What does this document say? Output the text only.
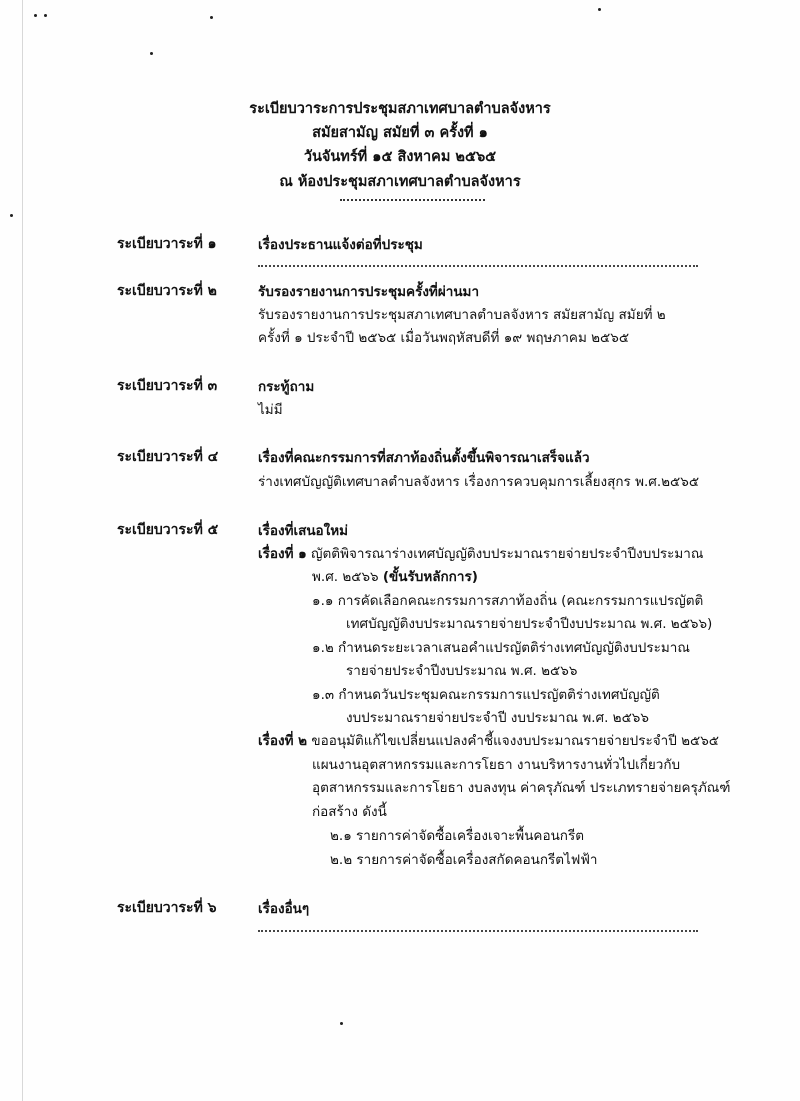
ระเบียบวาระการประชุมสภาเทศบาลตำบลจังหาร
สมัยสามัญ สมัยที่ ๓ ครั้งที่ ๑
วันจันทร์ที่ ๑๕ สิงหาคม ๒๕๖๕
ณ ห้องประชุมสภาเทศบาลตำบลจังหาร
ระเบียบวาระที่ ๑	เรื่องประธานแจ้งต่อที่ประชุม
ระเบียบวาระที่ ๒	รับรองรายงานการประชุมครั้งที่ผ่านมา
รับรองรายงานการประชุมสภาเทศบาลตำบลจังหาร สมัยสามัญ สมัยที่ ๒
ครั้งที่ ๑ ประจำปี ๒๕๖๕ เมื่อวันพฤหัสบดีที่ ๑๙ พฤษภาคม ๒๕๖๕
ระเบียบวาระที่ ๓	กระทู้ถาม
ไม่มี
ระเบียบวาระที่ ๔	เรื่องที่คณะกรรมการที่สภาท้องถิ่นตั้งขึ้นพิจารณาเสร็จแล้ว
ร่างเทศบัญญัติเทศบาลตำบลจังหาร เรื่องการควบคุมการเลี้ยงสุกร พ.ศ.๒๕๖๕
ระเบียบวาระที่ ๕	เรื่องที่เสนอใหม่
เรื่องที่ ๑ ญัตติพิจารณาร่างเทศบัญญัติงบประมาณรายจ่ายประจำปีงบประมาณ
พ.ศ. ๒๕๖๖ (ขั้นรับหลักการ)
๑.๑ การคัดเลือกคณะกรรมการสภาท้องถิ่น (คณะกรรมการแปรญัตติ
เทศบัญญัติงบประมาณรายจ่ายประจำปีงบประมาณ พ.ศ. ๒๕๖๖)
๑.๒ กำหนดระยะเวลาเสนอคำแปรญัตติร่างเทศบัญญัติงบประมาณ
รายจ่ายประจำปีงบประมาณ พ.ศ. ๒๕๖๖
๑.๓ กำหนดวันประชุมคณะกรรมการแปรญัตติร่างเทศบัญญัติ
งบประมาณรายจ่ายประจำปี งบประมาณ พ.ศ. ๒๕๖๖
เรื่องที่ ๒ ขออนุมัติแก้ไขเปลี่ยนแปลงคำชี้แจงงบประมาณรายจ่ายประจำปี ๒๕๖๕
แผนงานอุตสาหกรรมและการโยธา งานบริหารงานทั่วไปเกี่ยวกับ
อุตสาหกรรมและการโยธา งบลงทุน ค่าครุภัณฑ์ ประเภทรายจ่ายครุภัณฑ์
ก่อสร้าง ดังนี้
๒.๑ รายการค่าจัดซื้อเครื่องเจาะพื้นคอนกรีต
๒.๒ รายการค่าจัดซื้อเครื่องสกัดคอนกรีตไฟฟ้า
ระเบียบวาระที่ ๖	เรื่องอื่นๆ
